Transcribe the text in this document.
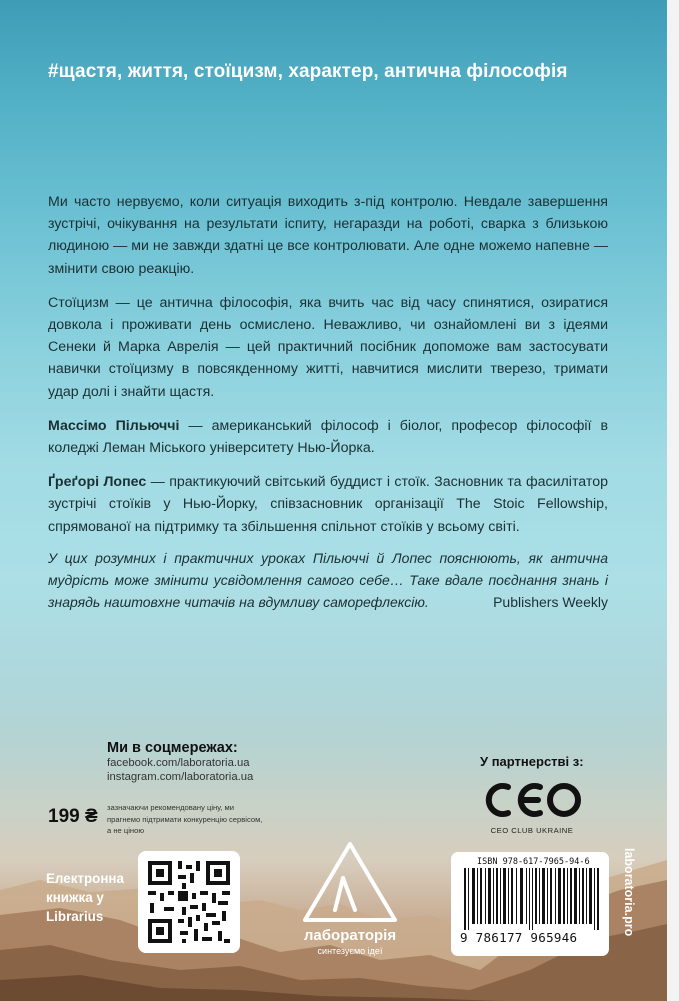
#щастя, життя, стоїцизм, характер, антична філософія

Ми часто нервуємо, коли ситуація виходить з-під контролю. Невдале завершення зустрічі, очікування на результати іспиту, негаразди на роботі, сварка з близькою людиною — ми не завжди здатні це все контролювати. Але одне можемо напевне — змінити свою реакцію.

Стоїцизм — це антична філософія, яка вчить час від часу спинятися, озиратися довкола і проживати день осмислено. Неважливо, чи ознайомлені ви з ідеями Сенеки й Марка Аврелія — цей практичний посібник допоможе вам застосувати навички стоїцизму в повсякденному житті, навчитися мислити тверезо, тримати удар долі і знайти щастя.

Массімо Пільюччі — американський філософ і біолог, професор філософії в коледжі Леман Міського університету Нью-Йорка.

Ґреґорі Лопес — практикуючий світський буддист і стоїк. Засновник та фасилітатор зустрічі стоїків у Нью-Йорку, співзасновник організації The Stoic Fellowship, спрямованої на підтримку та збільшення спільнот стоїків у всьому світі.

У цих розумних і практичних уроках Пільюччі й Лопес пояснюють, як антична мудрість може змінити усвідомлення самого себе… Таке вдале поєднання знань і знарядь наштовхне читачів на вдумливу саморефлексію.	Publishers Weekly
Ми в соцмережах:
facebook.com/laboratoria.ua
instagram.com/laboratoria.ua
199 ₴ зазначаючи рекомендовану ціну, ми прагнемо підтримати конкуренцію сервісом, а не ціною
Електронна книжка у Librarius
лабораторія
синтезуємо ідеї
У партнерстві з:
CEO CLUB UKRAINE
ISBN 978-617-7965-94-6
9 786177 965946
laboratoria.pro
